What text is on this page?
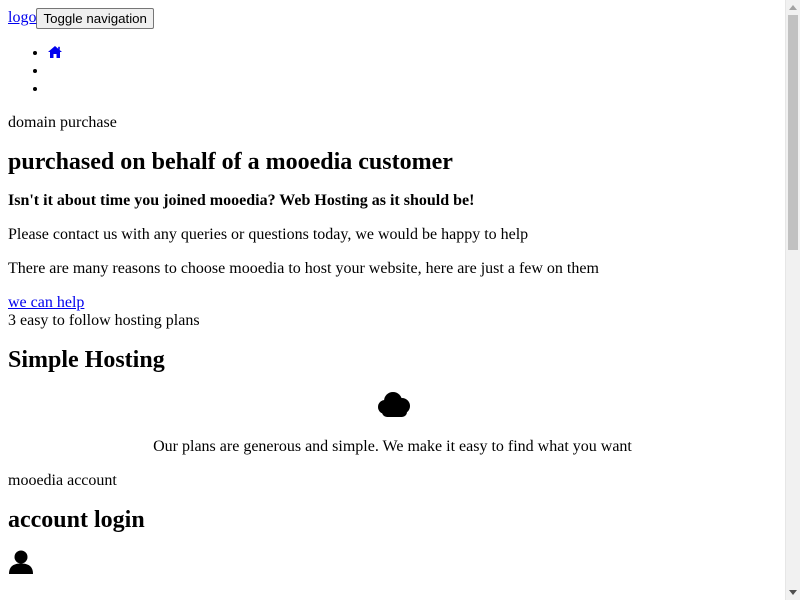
logo Toggle navigation
•
•
•

domain purchase

purchased on behalf of a mooedia customer
Isn't it about time you joined mooedia? Web Hosting as it should be!

Please contact us with any queries or questions today, we would be happy to help

There are many reasons to choose mooedia to host your website, here are just a few on them

we can help

3 easy to follow hosting plans

Simple Hosting

Our plans are generous and simple. We make it easy to find what you want

mooedia account

account login
